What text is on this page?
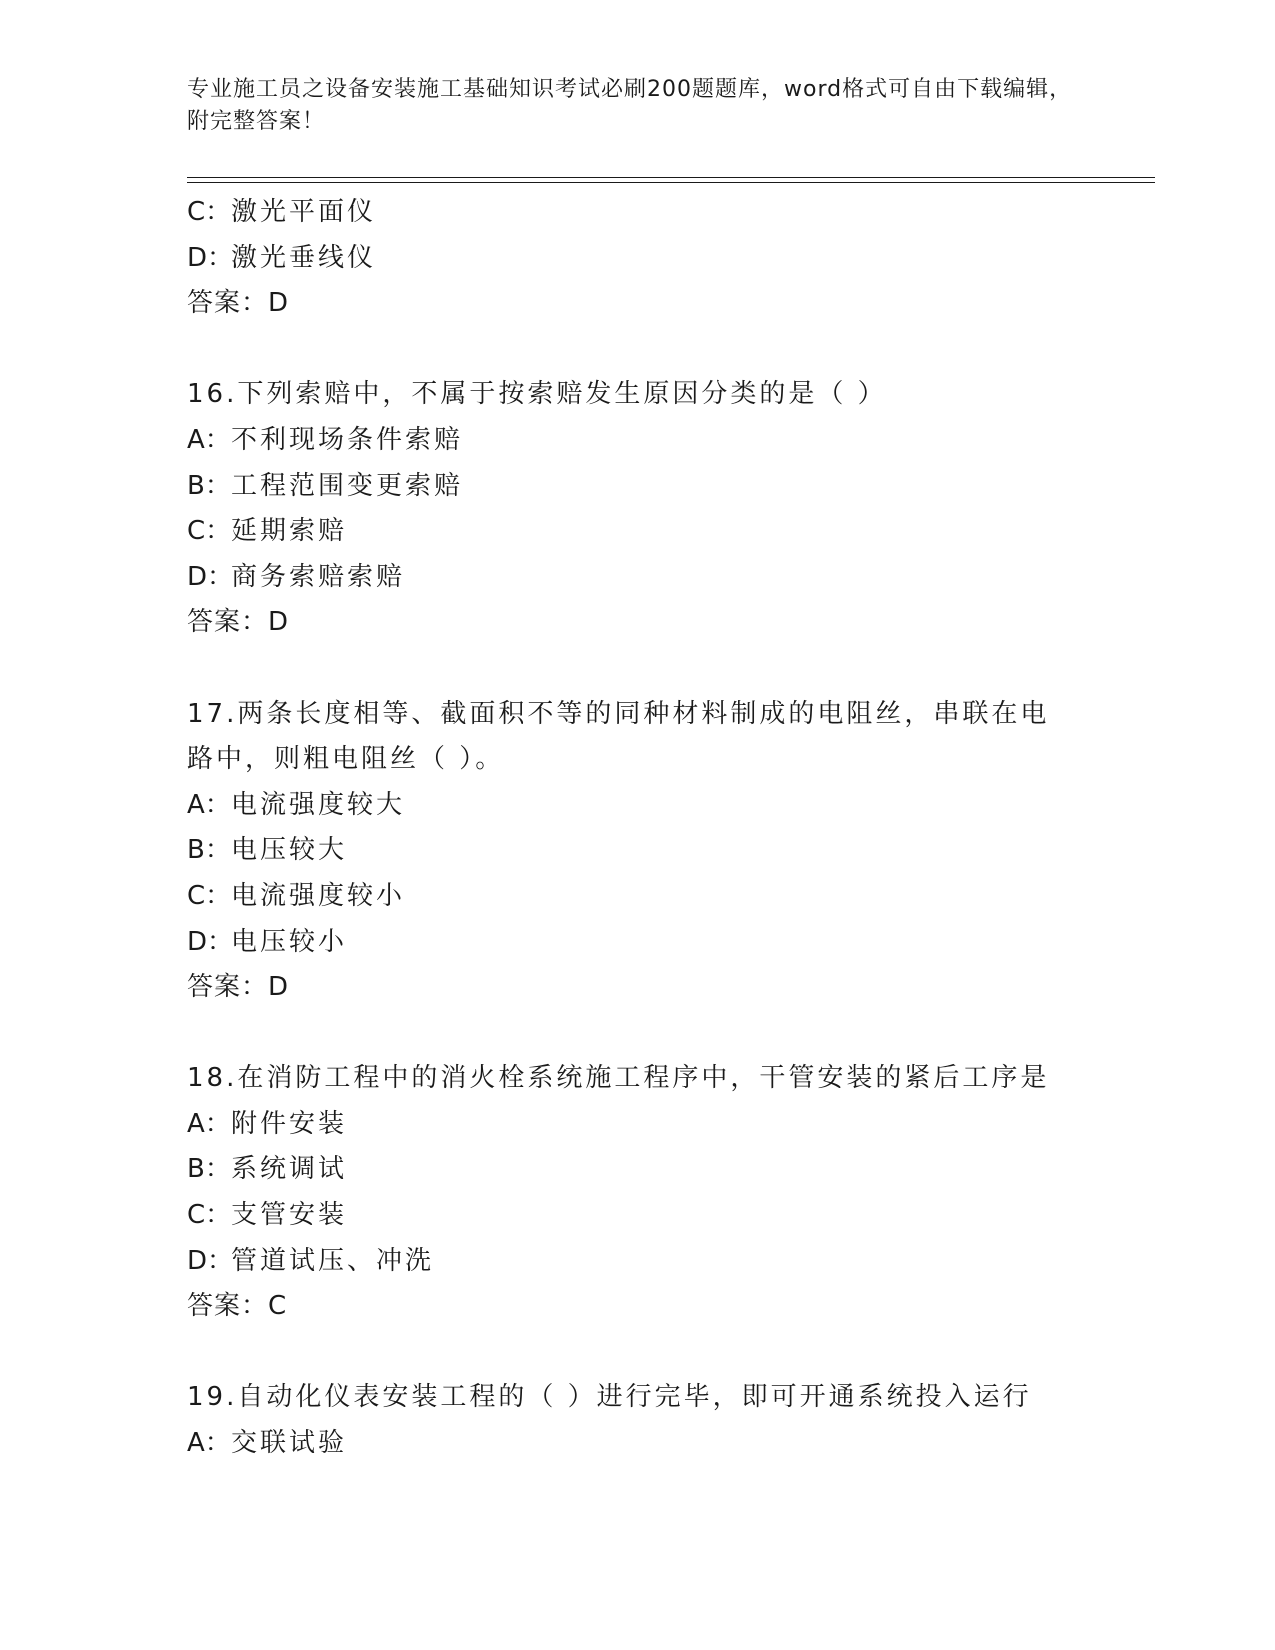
专业施工员之设备安装施工基础知识考试必刷200题题库，word格式可自由下载编辑，附完整答案！
C：激光平面仪
D：激光垂线仪
答案：D
16.下列索赔中，不属于按索赔发生原因分类的是（ ）
A：不利现场条件索赔
B：工程范围变更索赔
C：延期索赔
D：商务索赔索赔
答案：D
17.两条长度相等、截面积不等的同种材料制成的电阻丝，串联在电路中，则粗电阻丝（ ）。
A：电流强度较大
B：电压较大
C：电流强度较小
D：电压较小
答案：D
18.在消防工程中的消火栓系统施工程序中，干管安装的紧后工序是
A：附件安装
B：系统调试
C：支管安装
D：管道试压、冲洗
答案：C
19.自动化仪表安装工程的（ ）进行完毕，即可开通系统投入运行
A：交联试验
